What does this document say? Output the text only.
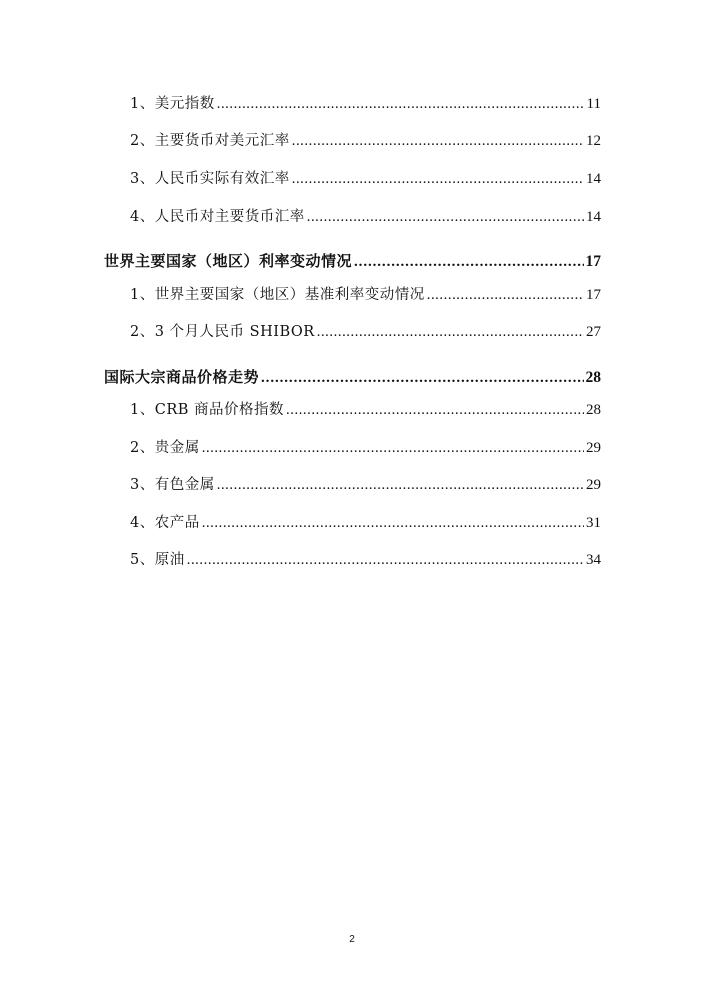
1、美元指数 .....	11
2、主要货币对美元汇率 .....	12
3、人民币实际有效汇率 .....	14
4、人民币对主要货币汇率 .....	14
世界主要国家（地区）利率变动情况 .....	17
1、世界主要国家（地区）基准利率变动情况 .....	17
2、3 个月人民币 SHIBOR .....	27
国际大宗商品价格走势 .....	28
1、CRB 商品价格指数 .....	28
2、贵金属 .....	29
3、有色金属 .....	29
4、农产品 .....	31
5、原油 .....	34
2
